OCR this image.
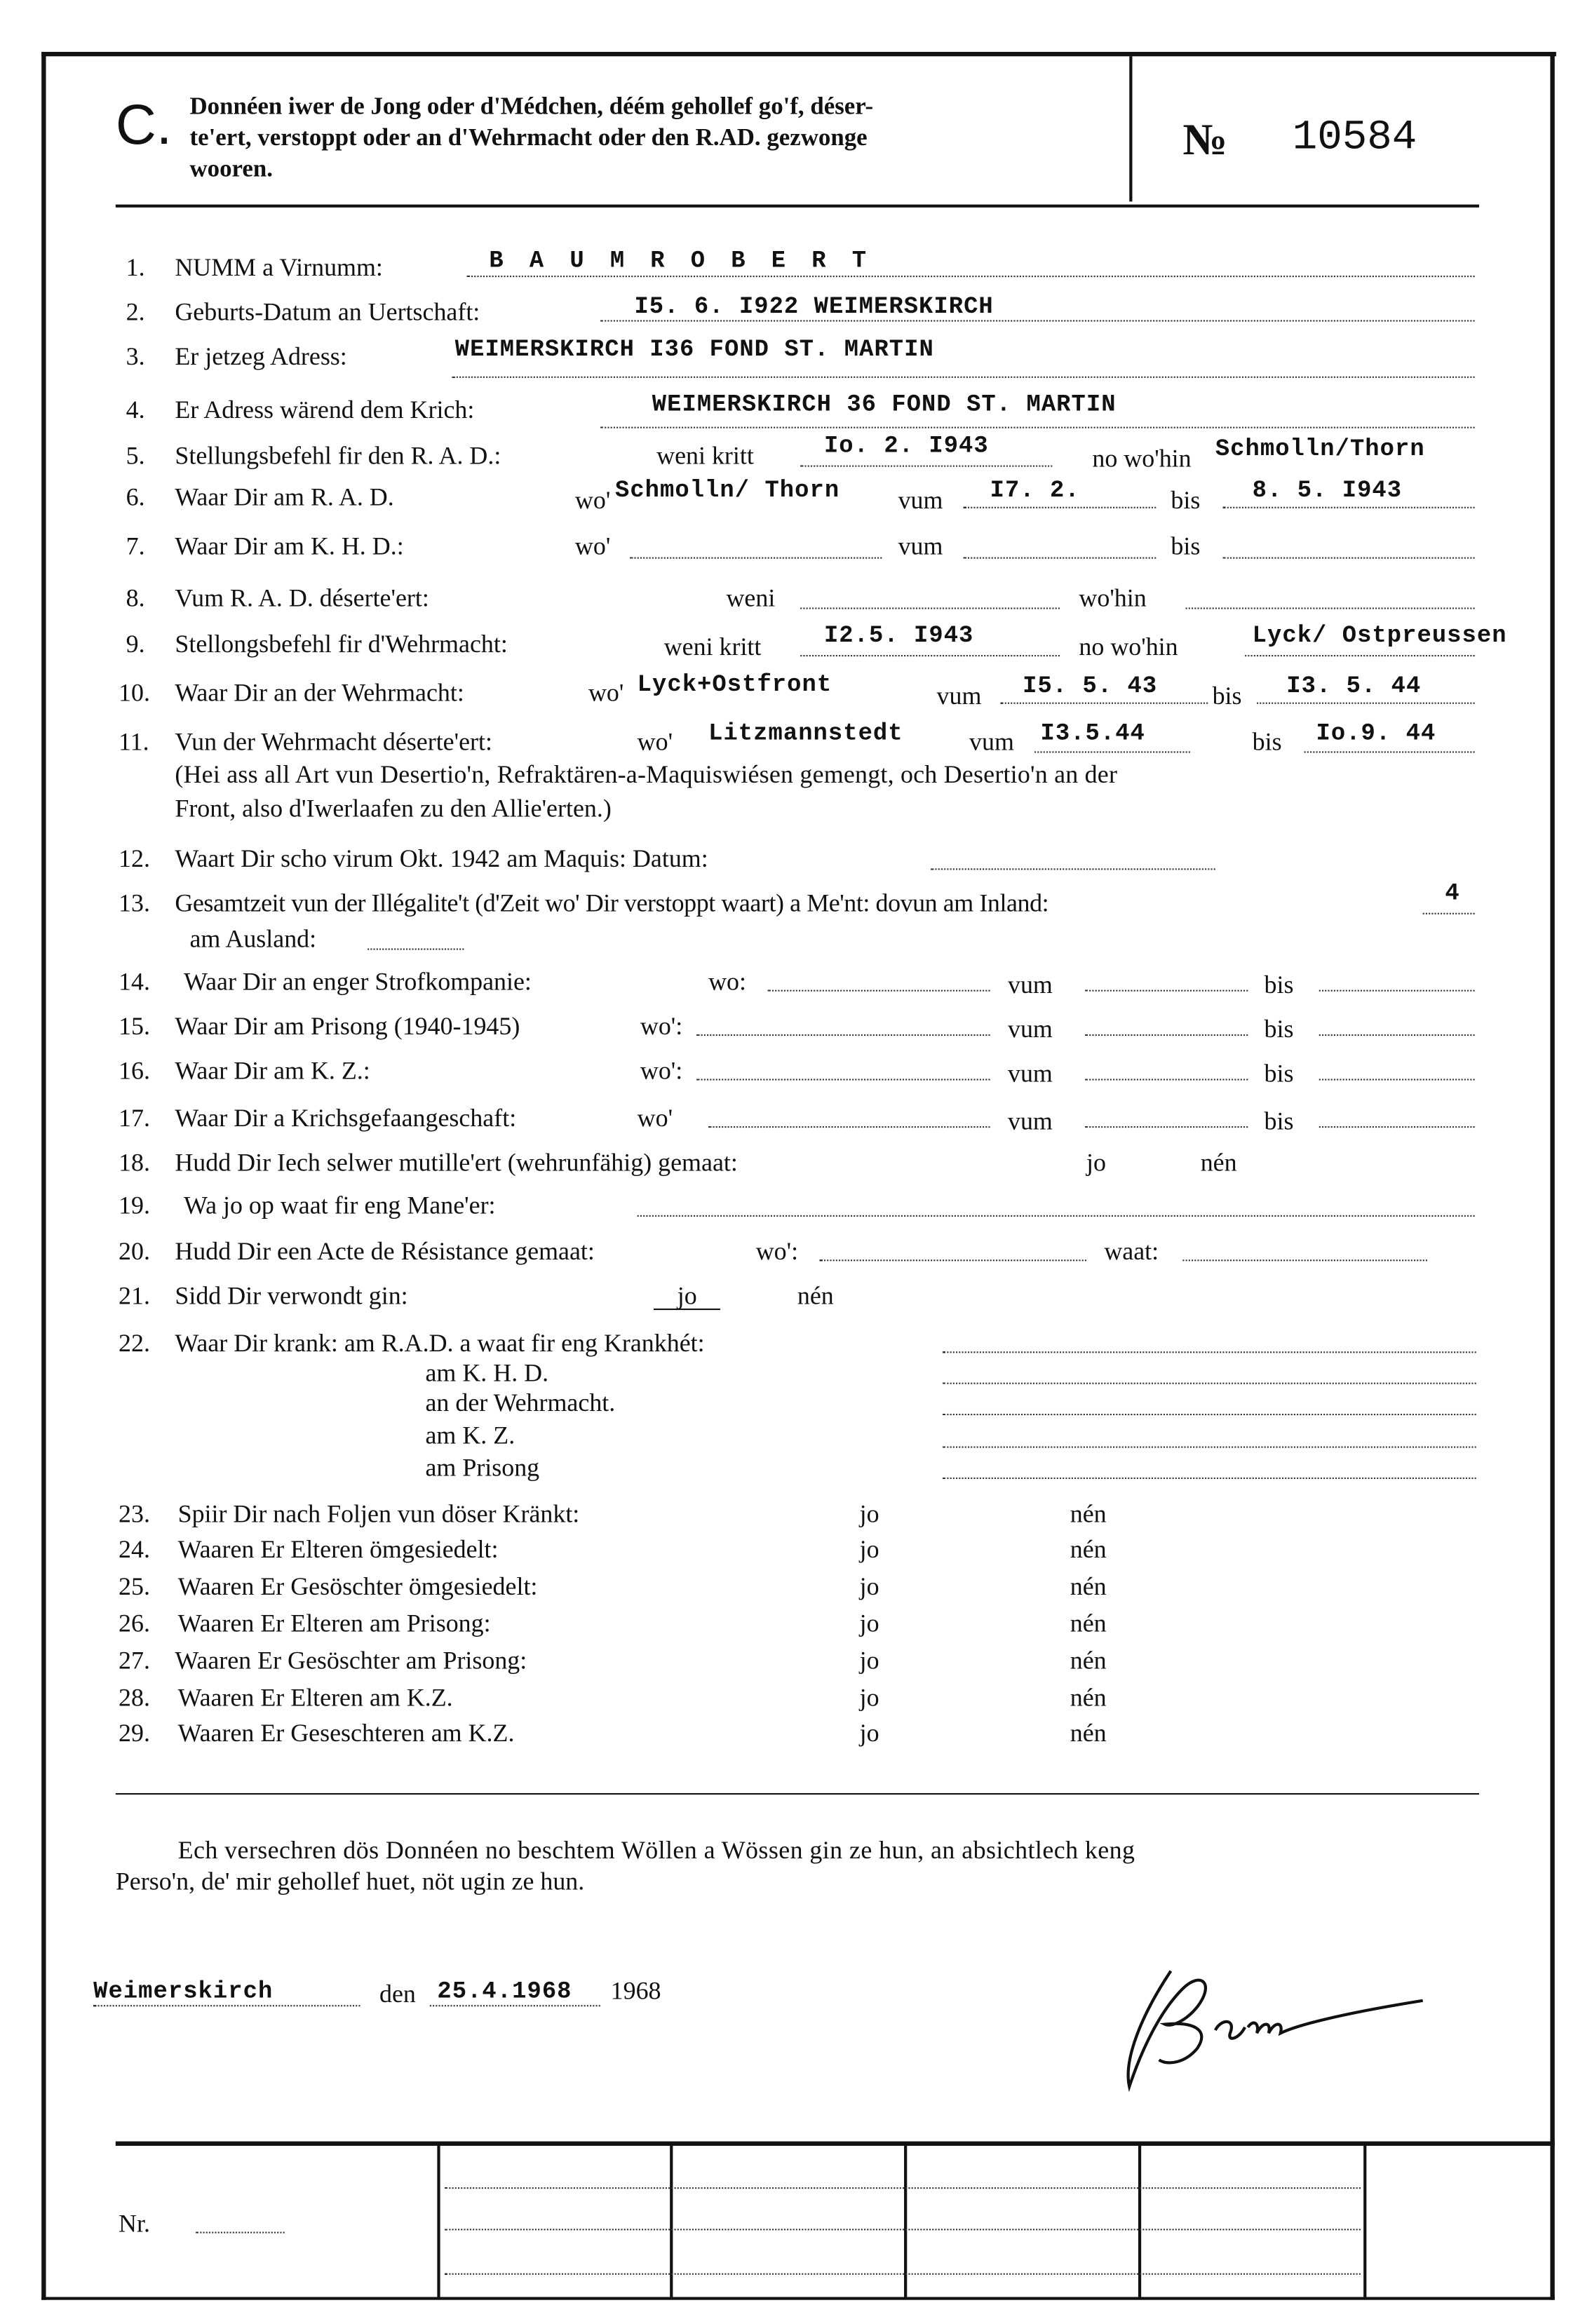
C. Donnéen iwer de Jong oder d'Médchen, déém gehollef go'f, déser-
te'ert, verstoppt oder an d'Wehrmacht oder den R.AD. gezwonge
wooren.
№	10584
1.	NUMM a Virnumm:	B A U M R O B E R T
2.	Geburts-Datum an Uertschaft:	I5. 6. I922 WEIMERSKIRCH
3.	Er jetzeg Adress:	WEIMERSKIRCH I36 FOND ST. MARTIN
4.	Er Adress wärend dem Krich:	WEIMERSKIRCH 36 FOND ST. MARTIN
5.	Stellungsbefehl fir den R. A. D.:	weni kritt	Io. 2. I943	no wo'hin Schmolln/Thorn
6.	Waar Dir am R. A. D.	wo' Schmolln/ Thorn	vum	I7. 2.	bis	8. 5. I943
7.	Waar Dir am K. H. D.:	wo'	vum	bis
8.	Vum R. A. D. déserte'ert:	weni	wo'hin
9.	Stellongsbefehl fir d'Wehrmacht:	weni kritt	I2.5. I943	no wo'hin	Lyck/ Ostpreussen
10. Waar Dir an der Wehrmacht:	wo' Lyck+Ostfront	vum	I5. 5. 43	bis	I3. 5. 44
11. Vun der Wehrmacht déserte'ert:	wo'	Litzmannstedt	vum I3.5.44	bis	Io.9. 44
(Hei ass all Art vun Desertio'n, Refraktären-a-Maquiswiésen gemengt, och Desertio'n an der
Front, also d'Iwerlaafen zu den Allie'erten.)
12. Waart Dir scho virum Okt. 1942 am Maquis: Datum:
13. Gesamtzeit vun der Illégalite't (d'Zeit wo' Dir verstoppt waart) a Me'nt: dovun am Inland:	4
am Ausland:
14.	Waar Dir an enger Strofkompanie:	wo:	vum	bis
15. Waar Dir am Prisong (1940-1945)	wo':	vum	bis
16. Waar Dir am K. Z.:	wo':	vum	bis
17. Waar Dir a Krichsgefaangeschaft:	wo'	vum	bis
18. Hudd Dir Iech selwer mutille'ert (wehrunfähig) gemaat:	jo	nén
19.	Wa jo op waat fir eng Mane'er:
20. Hudd Dir een Acte de Résistance gemaat:	wo':	waat:
21. Sidd Dir verwondt gin:	jo	nén
22. Waar Dir krank: am R.A.D. a waat fir eng Krankhét:
am K. H. D.
an der Wehrmacht.
am K. Z.
am Prisong
23. Spiir Dir nach Foljen vun döser Kränkt:	jo	nén
24. Waaren Er Elteren ömgesiedelt:	jo	nén
25. Waaren Er Gesöschter ömgesiedelt:	jo	nén
26. Waaren Er Elteren am Prisong:	jo	nén
27. Waaren Er Gesöschter am Prisong:	jo	nén
28. Waaren Er Elteren am K.Z.	jo	nén
29. Waaren Er Geseschteren am K.Z.	jo	nén
Ech versechren dös Donnéen no beschtem Wöllen a Wössen gin ze hun, an absichtlech keng
Perso'n, de' mir gehollef huet, nöt ugin ze hun.
Weimerskirch	den 25.4.1968	1968
Nr.
